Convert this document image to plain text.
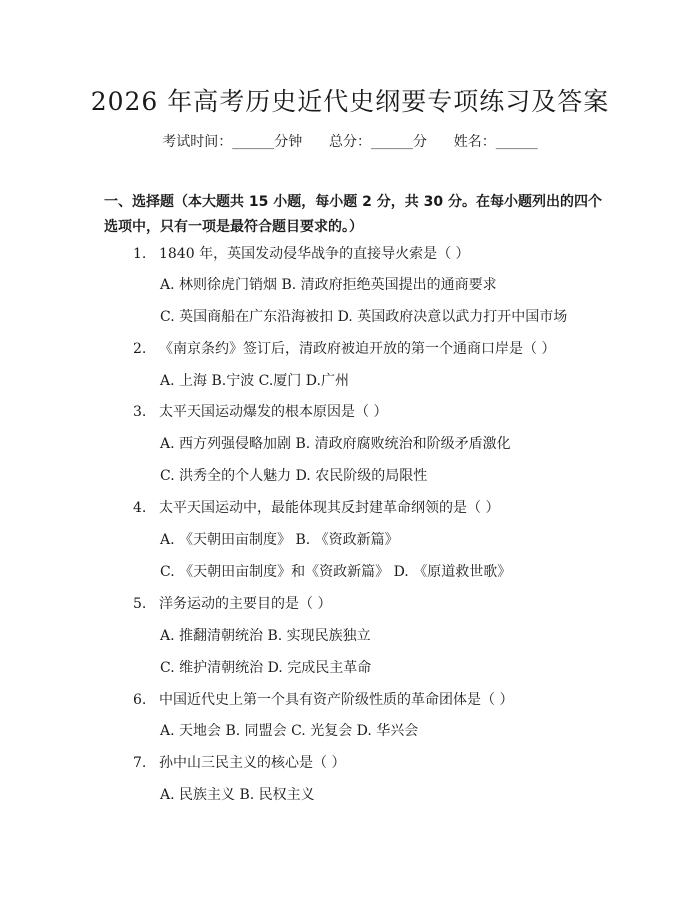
2026 年高考历史近代史纲要专项练习及答案
考试时间：______分钟      总分：______分      姓名：______
一、选择题（本大题共 15 小题，每小题 2 分，共 30 分。在每小题列出的四个选项中，只有一项是最符合题目要求的。）
1. 1840 年，英国发动侵华战争的直接导火索是（ ）
A. 林则徐虎门销烟 B. 清政府拒绝英国提出的通商要求
C. 英国商船在广东沿海被扣 D. 英国政府决意以武力打开中国市场
2. 《南京条约》签订后，清政府被迫开放的第一个通商口岸是（ ）
A. 上海 B.宁波 C.厦门 D.广州
3. 太平天国运动爆发的根本原因是（ ）
A. 西方列强侵略加剧 B. 清政府腐败统治和阶级矛盾激化
C. 洪秀全的个人魅力 D. 农民阶级的局限性
4. 太平天国运动中，最能体现其反封建革命纲领的是（ ）
A. 《天朝田亩制度》 B. 《资政新篇》
C. 《天朝田亩制度》和《资政新篇》 D. 《原道救世歌》
5. 洋务运动的主要目的是（ ）
A. 推翻清朝统治 B. 实现民族独立
C. 维护清朝统治 D. 完成民主革命
6. 中国近代史上第一个具有资产阶级性质的革命团体是（ ）
A. 天地会 B. 同盟会 C. 光复会 D. 华兴会
7. 孙中山三民主义的核心是（ ）
A. 民族主义 B. 民权主义
